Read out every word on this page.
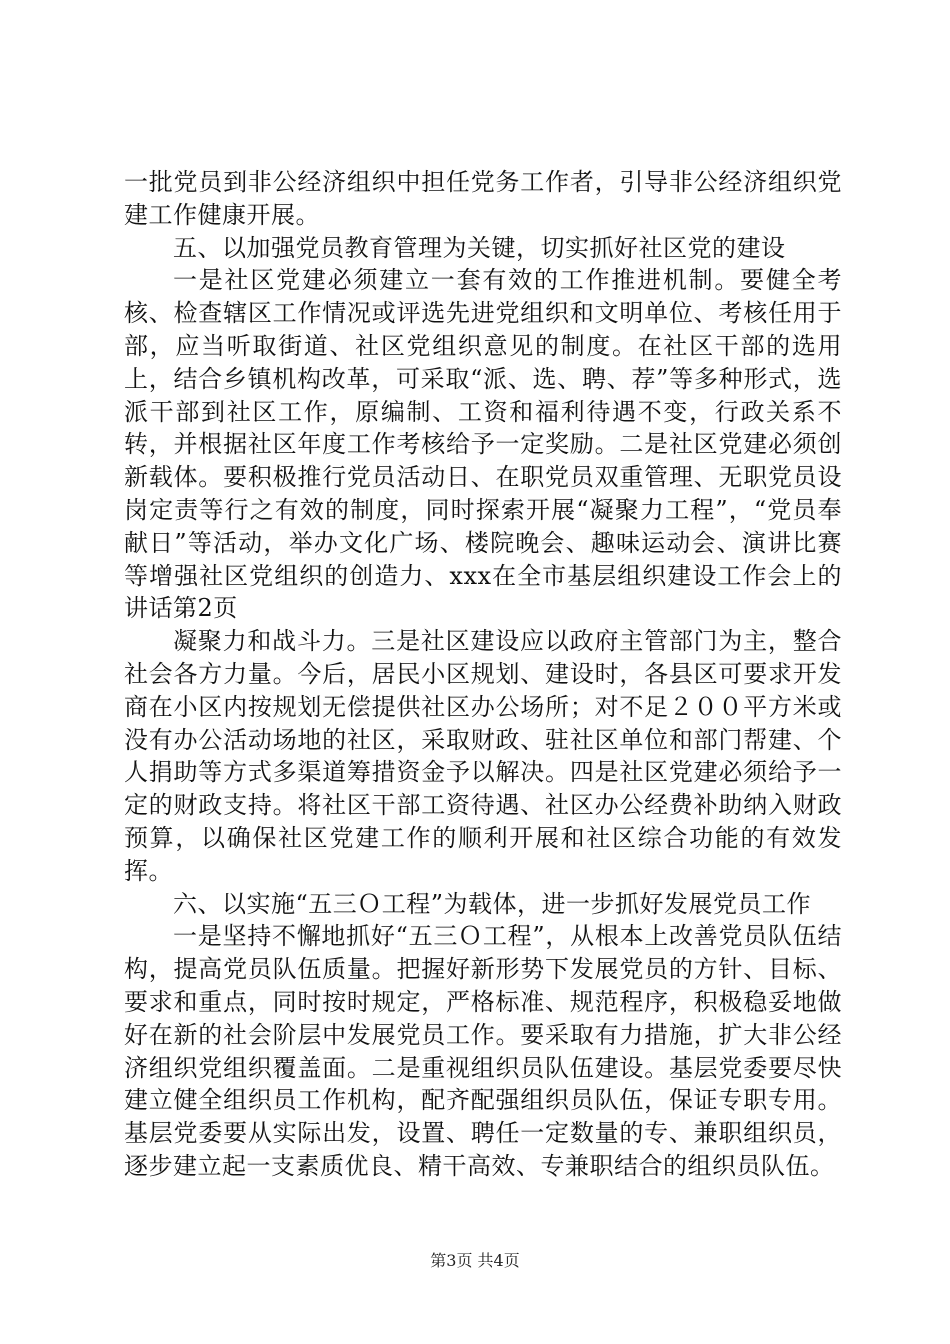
一批党员到非公经济组织中担任党务工作者，引导非公经济组织党建工作健康开展。

五、以加强党员教育管理为关键，切实抓好社区党的建设

一是社区党建必须建立一套有效的工作推进机制。要健全考核、检查辖区工作情况或评选先进党组织和文明单位、考核任用于部，应当听取街道、社区党组织意见的制度。在社区干部的选用上，结合乡镇机构改革，可采取“派、选、聘、荐”等多种形式，选派干部到社区工作，原编制、工资和福利待遇不变，行政关系不转，并根据社区年度工作考核给予一定奖励。二是社区党建必须创新载体。要积极推行党员活动日、在职党员双重管理、无职党员设岗定责等行之有效的制度，同时探索开展“凝聚力工程”，“党员奉献日”等活动，举办文化广场、楼院晚会、趣味运动会、演讲比赛等增强社区党组织的创造力、xxx在全市基层组织建设工作会上的讲话第2页

凝聚力和战斗力。三是社区建设应以政府主管部门为主，整合社会各方力量。今后，居民小区规划、建设时，各县区可要求开发商在小区内按规划无偿提供社区办公场所；对不足２００平方米或没有办公活动场地的社区，采取财政、驻社区单位和部门帮建、个人捐助等方式多渠道筹措资金予以解决。四是社区党建必须给予一定的财政支持。将社区干部工资待遇、社区办公经费补助纳入财政预算，以确保社区党建工作的顺利开展和社区综合功能的有效发挥。

六、以实施“五三Ｏ工程”为载体，进一步抓好发展党员工作

一是坚持不懈地抓好“五三Ｏ工程”，从根本上改善党员队伍结构，提高党员队伍质量。把握好新形势下发展党员的方针、目标、要求和重点，同时按时规定，严格标准、规范程序，积极稳妥地做好在新的社会阶层中发展党员工作。要采取有力措施，扩大非公经济组织党组织覆盖面。二是重视组织员队伍建设。基层党委要尽快建立健全组织员工作机构，配齐配强组织员队伍，保证专职专用。基层党委要从实际出发，设置、聘任一定数量的专、兼职组织员，逐步建立起一支素质优良、精干高效、专兼职结合的组织员队伍。

第3页 共4页
